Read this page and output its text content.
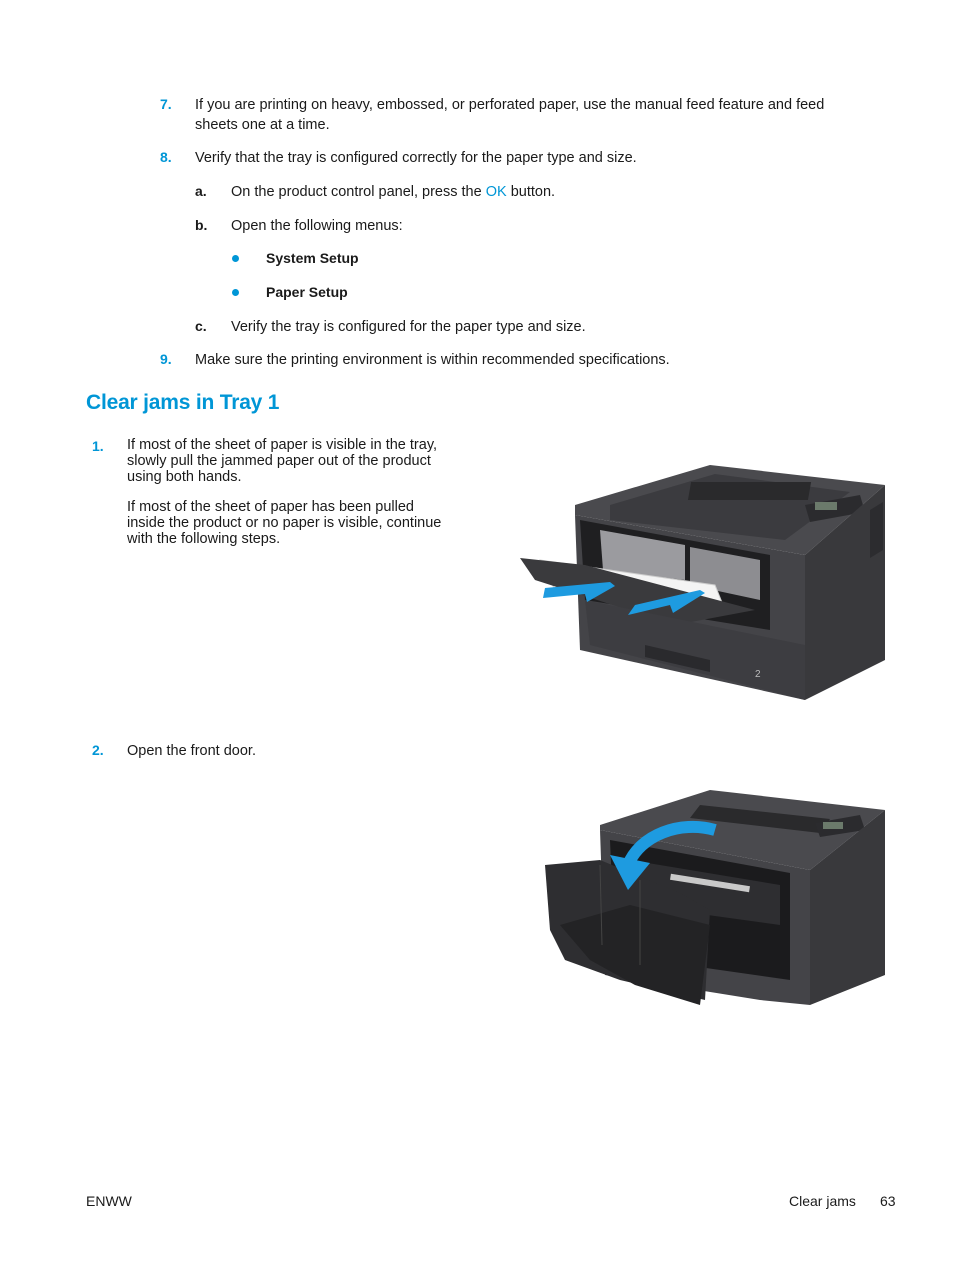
7. If you are printing on heavy, embossed, or perforated paper, use the manual feed feature and feed
sheets one at a time.
8. Verify that the tray is configured correctly for the paper type and size.
a. On the product control panel, press the OK button.
b. Open the following menus:
System Setup
Paper Setup
c. Verify the tray is configured for the paper type and size.
9. Make sure the printing environment is within recommended specifications.
Clear jams in Tray 1
1. If most of the sheet of paper is visible in the tray,
slowly pull the jammed paper out of the product
using both hands.
If most of the sheet of paper has been pulled
inside the product or no paper is visible, continue
with the following steps.
2
2. Open the front door.
ENWW	Clear jams 63
